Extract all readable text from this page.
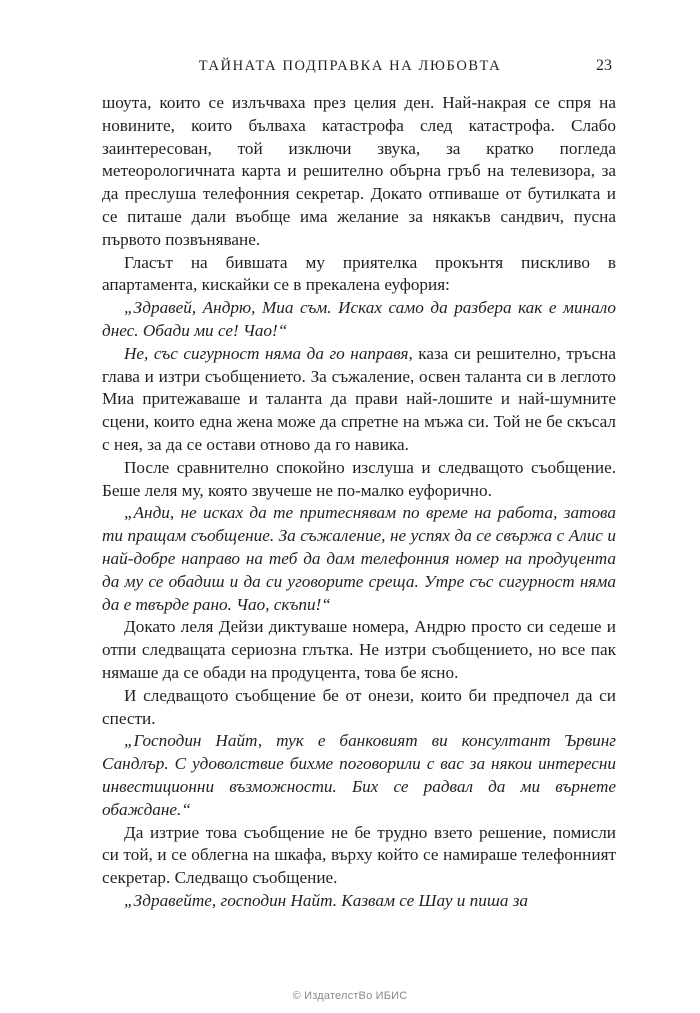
ТАЙНАТА ПОДПРАВКА НА ЛЮБОВТА	23

шоута, които се излъчваха през целия ден. Най-накрая се спря на новините, които бълваха катастрофа след катастрофа. Слабо заинтересован, той изключи звука, за кратко погледа метеорологичната карта и решително обърна гръб на телевизора, за да преслуша телефонния секретар. Докато отпиваше от бутилката и се питаше дали въобще има желание за някакъв сандвич, пусна първото позвъняване.

Гласът на бившата му приятелка прокънтя пискливо в апартамента, кискайки се в прекалена еуфория:

„Здравей, Андрю, Миа съм. Исках само да разбера как е минало днес. Обади ми се! Чао!“

Не, със сигурност няма да го направя, каза си решително, тръсна глава и изтри съобщението. За съжаление, освен таланта си в леглото Миа притежаваше и таланта да прави най-лошите и най-шумните сцени, които една жена може да спретне на мъжа си. Той не бе скъсал с нея, за да се остави отново да го навика.

После сравнително спокойно изслуша и следващото съобщение. Беше леля му, която звучеше не по-малко еуфорично.

„Анди, не исках да те притеснявам по време на работа, затова ти пращам съобщение. За съжаление, не успях да се свържа с Алис и най-добре направо на теб да дам телефонния номер на продуцента да му се обадиш и да си уговорите среща. Утре със сигурност няма да е твърде рано. Чао, скъпи!“

Докато леля Дейзи диктуваше номера, Андрю просто си седеше и отпи следващата сериозна глътка. Не изтри съобщението, но все пак нямаше да се обади на продуцента, това бе ясно.

И следващото съобщение бе от онези, които би предпочел да си спести.

„Господин Найт, тук е банковият ви консултант Ървинг Сандлър. С удоволствие бихме поговорили с вас за някои интересни инвестиционни възможности. Бих се радвал да ми върнете обаждане.“

Да изтрие това съобщение не бе трудно взето решение, помисли си той, и се облегна на шкафа, върху който се намираше телефонният секретар. Следващо съобщение.

„Здравейте, господин Найт. Казвам се Шау и пиша за

© ИздателстВо ИБИС
